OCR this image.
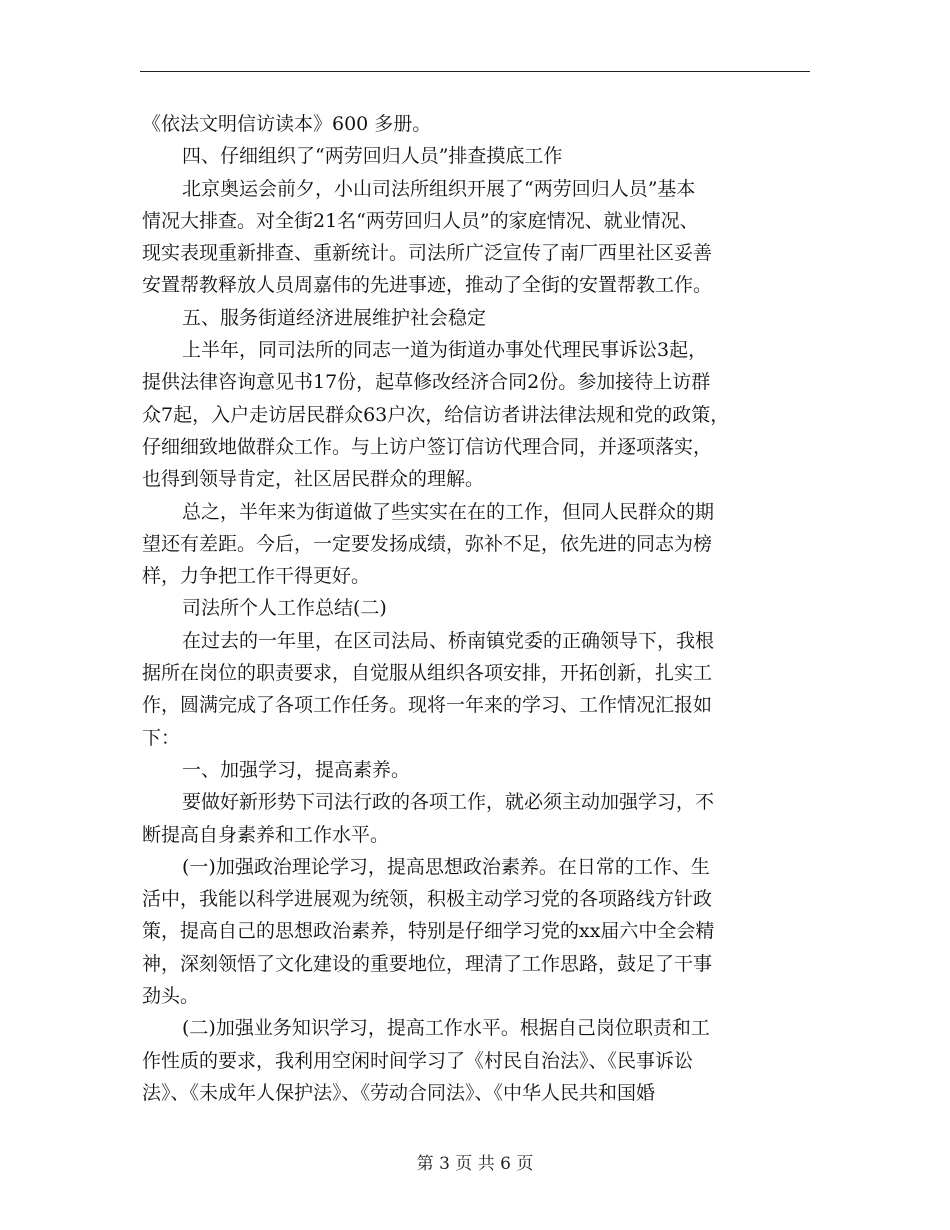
《依法文明信访读本》600 多册。
四、仔细组织了“两劳回归人员”排查摸底工作
北京奥运会前夕，小山司法所组织开展了“两劳回归人员”基本
情况大排查。对全街21名“两劳回归人员”的家庭情况、就业情况、
现实表现重新排查、重新统计。司法所广泛宣传了南厂西里社区妥善
安置帮教释放人员周嘉伟的先进事迹，推动了全街的安置帮教工作。
五、服务街道经济进展维护社会稳定
上半年，同司法所的同志一道为街道办事处代理民事诉讼3起，
提供法律咨询意见书17份，起草修改经济合同2份。参加接待上访群
众7起，入户走访居民群众63户次，给信访者讲法律法规和党的政策，
仔细细致地做群众工作。与上访户签订信访代理合同，并逐项落实，
也得到领导肯定，社区居民群众的理解。
总之，半年来为街道做了些实实在在的工作，但同人民群众的期
望还有差距。今后，一定要发扬成绩，弥补不足，依先进的同志为榜
样，力争把工作干得更好。
司法所个人工作总结(二)
在过去的一年里，在区司法局、桥南镇党委的正确领导下，我根
据所在岗位的职责要求，自觉服从组织各项安排，开拓创新，扎实工
作，圆满完成了各项工作任务。现将一年来的学习、工作情况汇报如
下：
一、加强学习，提高素养。
要做好新形势下司法行政的各项工作，就必须主动加强学习，不
断提高自身素养和工作水平。
(一)加强政治理论学习，提高思想政治素养。在日常的工作、生
活中，我能以科学进展观为统领，积极主动学习党的各项路线方针政
策，提高自己的思想政治素养，特别是仔细学习党的xx届六中全会精
神，深刻领悟了文化建设的重要地位，理清了工作思路，鼓足了干事
劲头。
(二)加强业务知识学习，提高工作水平。根据自己岗位职责和工
作性质的要求，我利用空闲时间学习了《村民自治法》、《民事诉讼
法》、《未成年人保护法》、《劳动合同法》、《中华人民共和国婚
第 3 页 共 6 页
